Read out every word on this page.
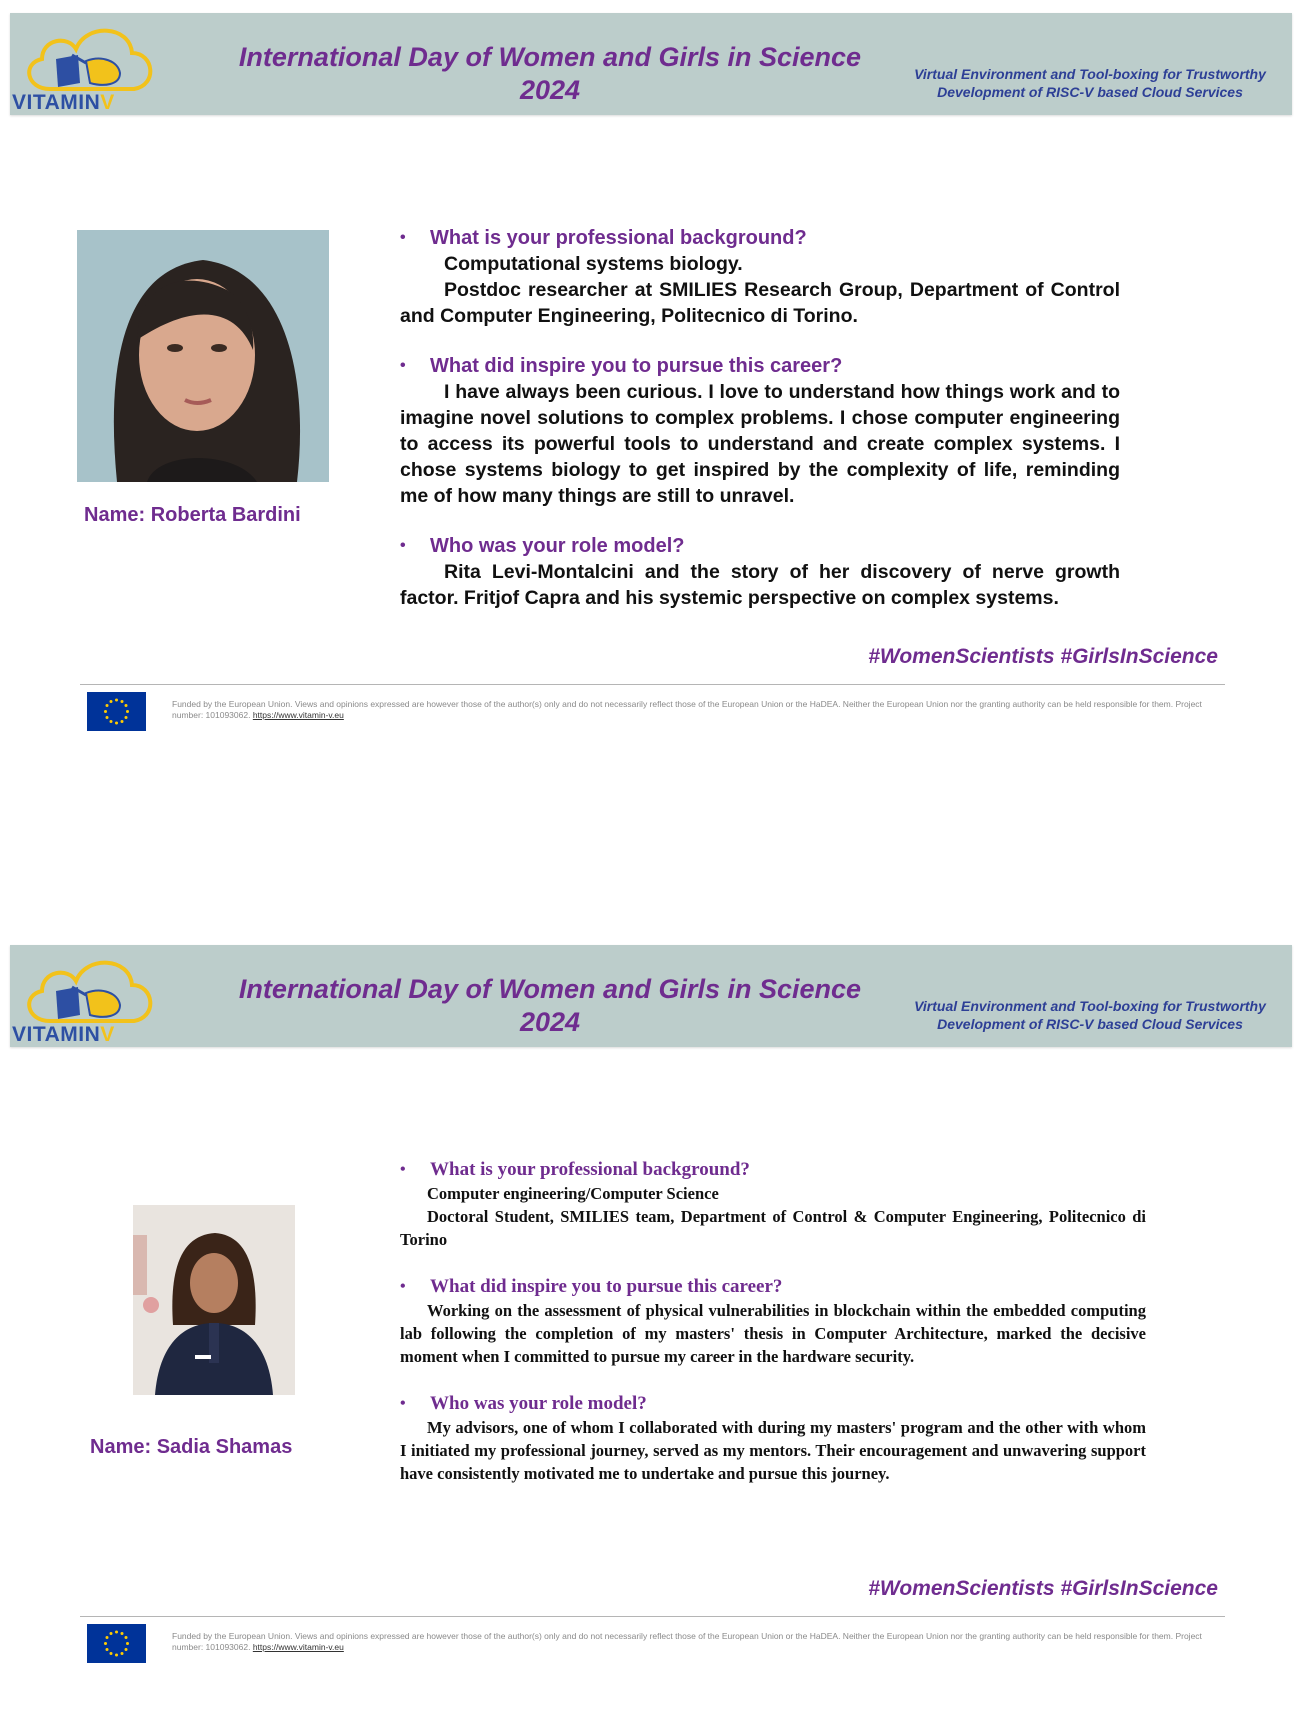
VITAMINV
International Day of Women and Girls in Science
2024
Virtual Environment and Tool-boxing for Trustworthy
Development of RISC-V based Cloud Services
Name: Roberta Bardini
• What is your professional background?

Computational systems biology.

Postdoc researcher at SMILIES Research Group, Department of Control and Computer Engineering, Politecnico di Torino.

• What did inspire you to pursue this career?

I have always been curious. I love to understand how things work and to imagine novel solutions to complex problems. I chose computer engineering to access its powerful tools to understand and create complex systems. I chose systems biology to get inspired by the complexity of life, reminding me of how many things are still to unravel.

• Who was your role model?

Rita Levi-Montalcini and the story of her discovery of nerve growth factor. Fritjof Capra and his systemic perspective on complex systems.

#WomenScientists #GirlsInScience
Funded by the European Union. Views and opinions expressed are however those of the author(s) only and do not necessarily reflect those of the European Union or the HaDEA. Neither the European Union nor the granting authority can be held responsible for them. Project number: 101093062. https://www.vitamin-v.eu
VITAMINV
International Day of Women and Girls in Science
2024
Virtual Environment and Tool-boxing for Trustworthy
Development of RISC-V based Cloud Services
Name: Sadia Shamas
• What is your professional background?

Computer engineering/Computer Science

Doctoral Student, SMILIES team, Department of Control & Computer Engineering, Politecnico di Torino

• What did inspire you to pursue this career?

Working on the assessment of physical vulnerabilities in blockchain within the embedded computing lab following the completion of my masters' thesis in Computer Architecture, marked the decisive moment when I committed to pursue my career in the hardware security.

• Who was your role model?

My advisors, one of whom I collaborated with during my masters' program and the other with whom I initiated my professional journey, served as my mentors. Their encouragement and unwavering support have consistently motivated me to undertake and pursue this journey.

#WomenScientists #GirlsInScience
Funded by the European Union. Views and opinions expressed are however those of the author(s) only and do not necessarily reflect those of the European Union or the HaDEA. Neither the European Union nor the granting authority can be held responsible for them. Project number: 101093062. https://www.vitamin-v.eu
